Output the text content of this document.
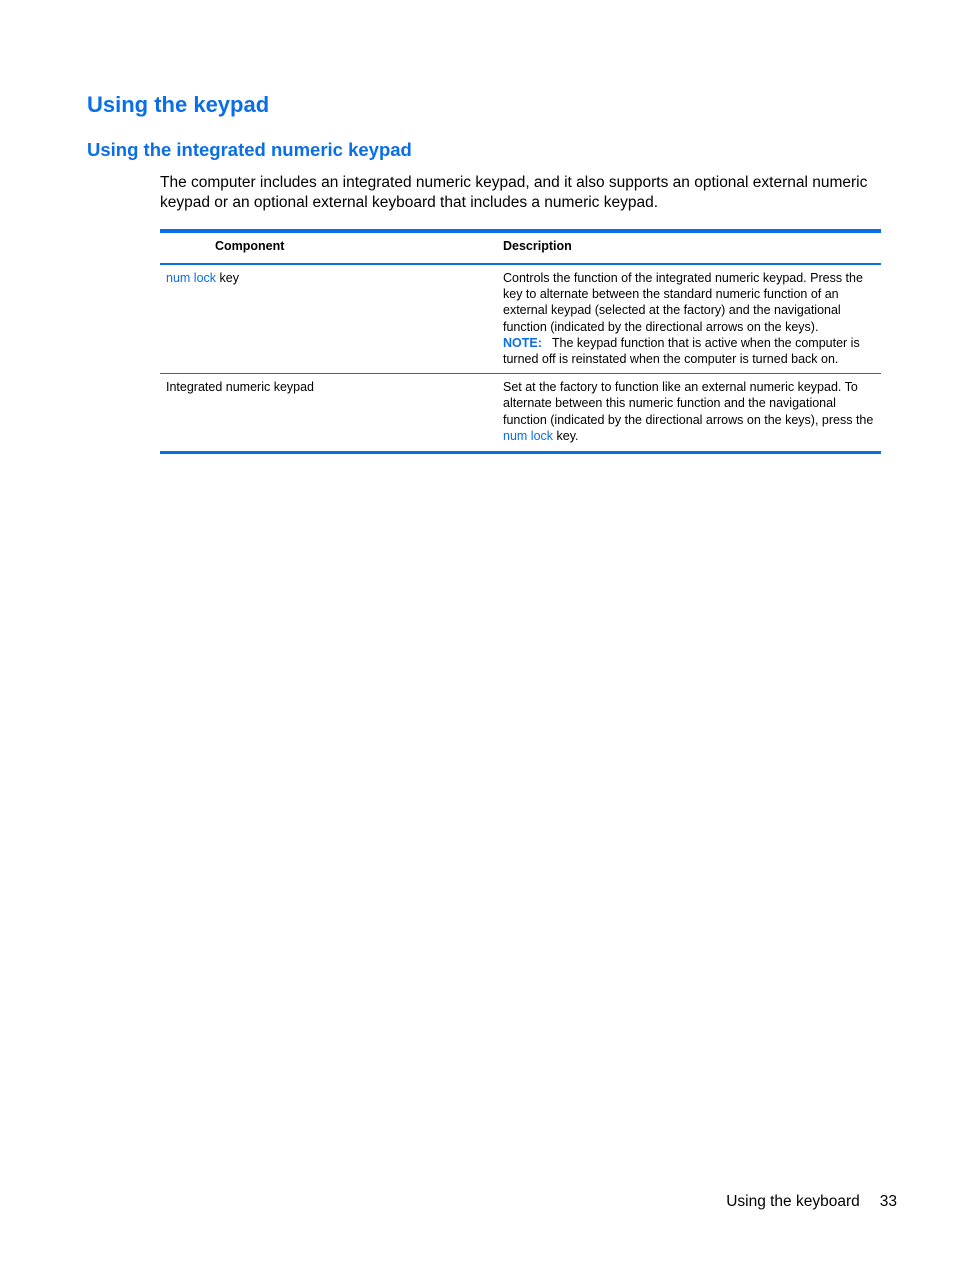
Using the keypad
Using the integrated numeric keypad

The computer includes an integrated numeric keypad, and it also supports an optional external numeric keypad or an optional external keyboard that includes a numeric keypad.

Component	Description
num lock key	Controls the function of the integrated numeric keypad. Press the key to alternate between the standard numeric function of an external keypad (selected at the factory) and the navigational function (indicated by the directional arrows on the keys).

NOTE: The keypad function that is active when the computer is turned off is reinstated when the computer is turned back on.

Integrated numeric keypad	Set at the factory to function like an external numeric keypad. To alternate between this numeric function and the navigational function (indicated by the directional arrows on the keys), press the num lock key.
Using the keyboard 33
